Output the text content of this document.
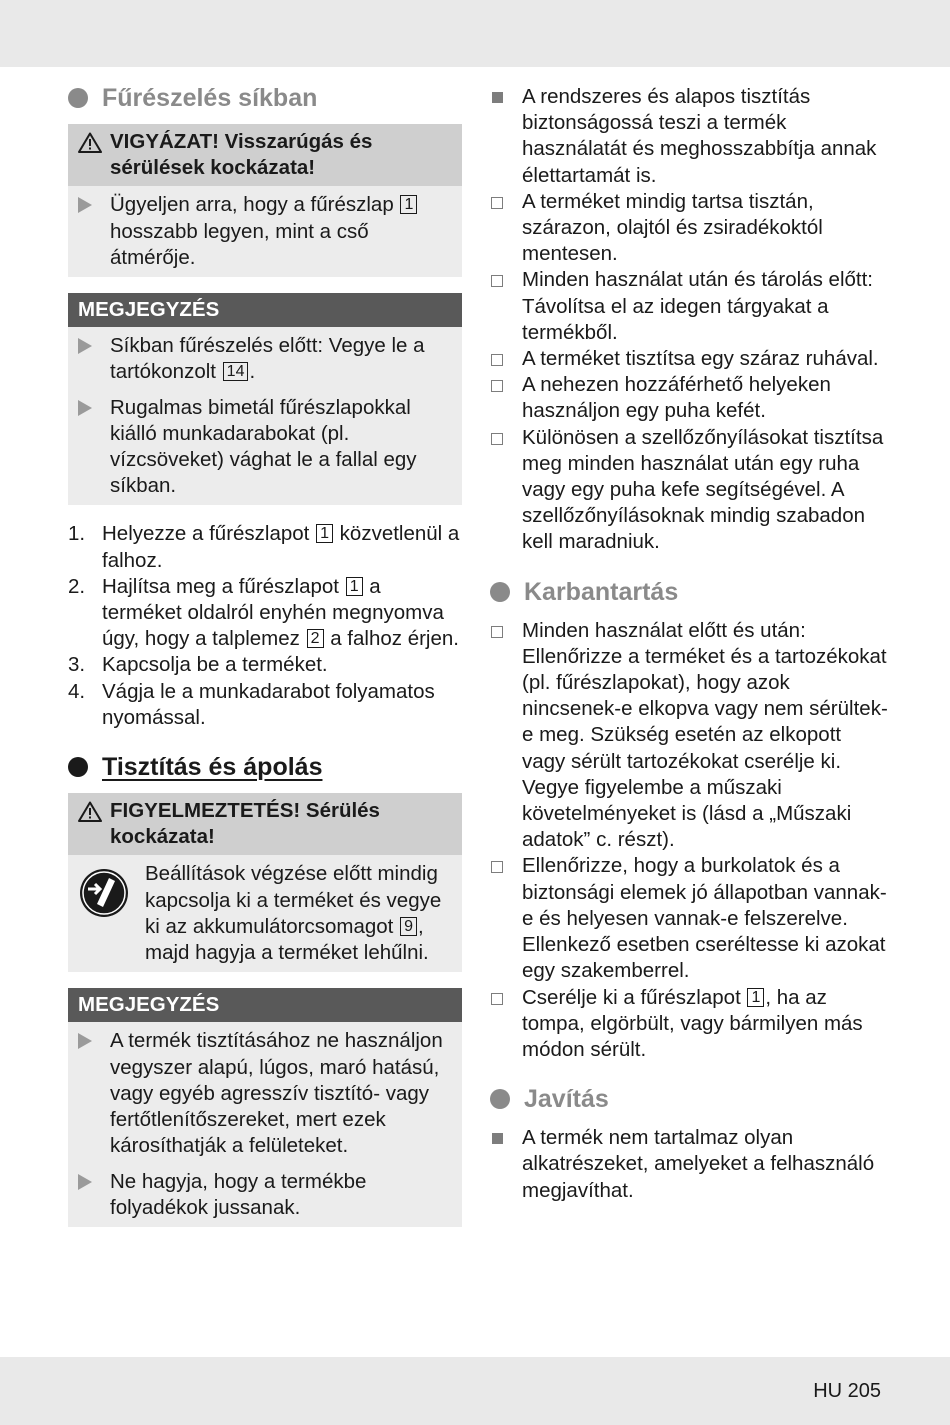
Fűrészelés síkban
VIGYÁZAT! Visszarúgás és sérülések kockázata!
Ügyeljen arra, hogy a fűrészlap 1 hosszabb legyen, mint a cső átmérője.
MEGJEGYZÉS
Síkban fűrészelés előtt: Vegye le a tartókonzolt 14 .
Rugalmas bimetál fűrészlapokkal kiálló munkadarabokat (pl. vízcsöveket) vághat le a fallal egy síkban.
1. Helyezze a fűrészlapot 1 közvetlenül a falhoz.
2. Hajlítsa meg a fűrészlapot 1 a terméket oldalról enyhén megnyomva úgy, hogy a talplemez 2 a falhoz érjen.
3. Kapcsolja be a terméket.
4. Vágja le a munkadarabot folyamatos nyomással.
Tisztítás és ápolás
FIGYELMEZTETÉS! Sérülés kockázata!
Beállítások végzése előtt mindig kapcsolja ki a terméket és vegye ki az akkumulátorcsomagot 9 , majd hagyja a terméket lehűlni.
MEGJEGYZÉS
A termék tisztításához ne használjon vegyszer alapú, lúgos, maró hatású, vagy egyéb agresszív tisztító- vagy fertőtlenítőszereket, mert ezek károsíthatják a felületeket.
Ne hagyja, hogy a termékbe folyadékok jussanak.
A rendszeres és alapos tisztítás biztonságossá teszi a termék használatát és meghosszabbítja annak élettartamát is.
A terméket mindig tartsa tisztán, szárazon, olajtól és zsiradékoktól mentesen.
Minden használat után és tárolás előtt: Távolítsa el az idegen tárgyakat a termékből.
A terméket tisztítsa egy száraz ruhával.
A nehezen hozzáférhető helyeken használjon egy puha kefét.
Különösen a szellőzőnyílásokat tisztítsa meg minden használat után egy ruha vagy egy puha kefe segítségével. A szellőzőnyílásoknak mindig szabadon kell maradniuk.
Karbantartás
Minden használat előtt és után: Ellenőrizze a terméket és a tartozékokat (pl. fűrészlapokat), hogy azok nincsenek-e elkopva vagy nem sérültek-e meg. Szükség esetén az elkopott vagy sérült tartozékokat cserélje ki. Vegye figyelembe a műszaki követelményeket is (lásd a „Műszaki adatok” c. részt).
Ellenőrizze, hogy a burkolatok és a biztonsági elemek jó állapotban vannak-e és helyesen vannak-e felszerelve. Ellenkező esetben cseréltesse ki azokat egy szakemberrel.
Cserélje ki a fűrészlapot 1 , ha az tompa, elgörbült, vagy bármilyen más módon sérült.
Javítás
A termék nem tartalmaz olyan alkatrészeket, amelyeket a felhasználó megjavíthat.
HU 205
